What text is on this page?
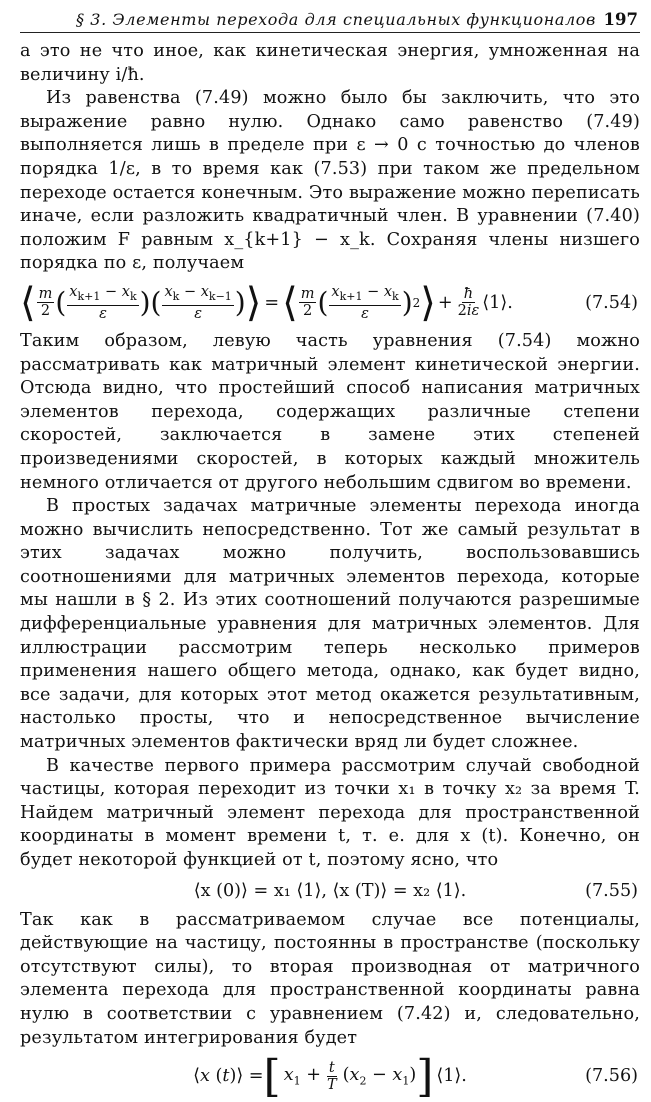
§ 3. Элементы перехода для специальных функционалов 197

а это не что иное, как кинетическая энергия, умноженная на величину i/ħ.

Из равенства (7.49) можно было бы заключить, что это выражение равно нулю. Однако само равенство (7.49) выполняется лишь в пределе при ε → 0 с точностью до членов порядка 1/ε, в то время как (7.53) при таком же предельном переходе остается конечным. Это выражение можно переписать иначе, если разложить квадратичный член. В уравнении (7.40) положим F равным x_{k+1} − x_k. Сохраняя члены низшего порядка по ε, получаем

⟨ $\frac{m}{2}$ ( $\frac{x_{k+1} - x_k}{\varepsilon}$ ) ( $\frac{x_k - x_{k-1}}{\varepsilon}$ ) ⟩ = ⟨ $\frac{m}{2}$ ( $\frac{x_{k+1} - x_k}{\varepsilon}$ ) 2 ⟩ + $\frac{ħ}{2i\varepsilon}$ ⟨1⟩.	(7.54)

Таким образом, левую часть уравнения (7.54) можно рассматривать как матричный элемент кинетической энергии. Отсюда видно, что простейший способ написания матричных элементов перехода, содержащих различные степени скоростей, заключается в замене этих степеней произведениями скоростей, в которых каждый множитель немного отличается от другого небольшим сдвигом во времени.

В простых задачах матричные элементы перехода иногда можно вычислить непосредственно. Тот же самый результат в этих задачах можно получить, воспользовавшись соотношениями для матричных элементов перехода, которые мы нашли в § 2. Из этих соотношений получаются разрешимые дифференциальные уравнения для матричных элементов. Для иллюстрации рассмотрим теперь несколько примеров применения нашего общего метода, однако, как будет видно, все задачи, для которых этот метод окажется результативным, настолько просты, что и непосредственное вычисление матричных элементов фактически вряд ли будет сложнее.

В качестве первого примера рассмотрим случай свободной частицы, которая переходит из точки x₁ в точку x₂ за время T. Найдем матричный элемент перехода для пространственной координаты в момент времени t, т. е. для x (t). Конечно, он будет некоторой функцией от t, поэтому ясно, что

⟨x (0)⟩ = x₁ ⟨1⟩, ⟨x (T)⟩ = x₂ ⟨1⟩.	(7.55)

Так как в рассматриваемом случае все потенциалы, действующие на частицу, постоянны в пространстве (поскольку отсутствуют силы), то вторая производная от матричного элемента перехода для пространственной координаты равна нулю в соответствии с уравнением (7.42) и, следовательно, результатом интегрирования будет

⟨x (t)⟩ = [ $x_1 + \frac{t}{T} (x_2 - x_1)$ ] ⟨1⟩.	(7.56)
